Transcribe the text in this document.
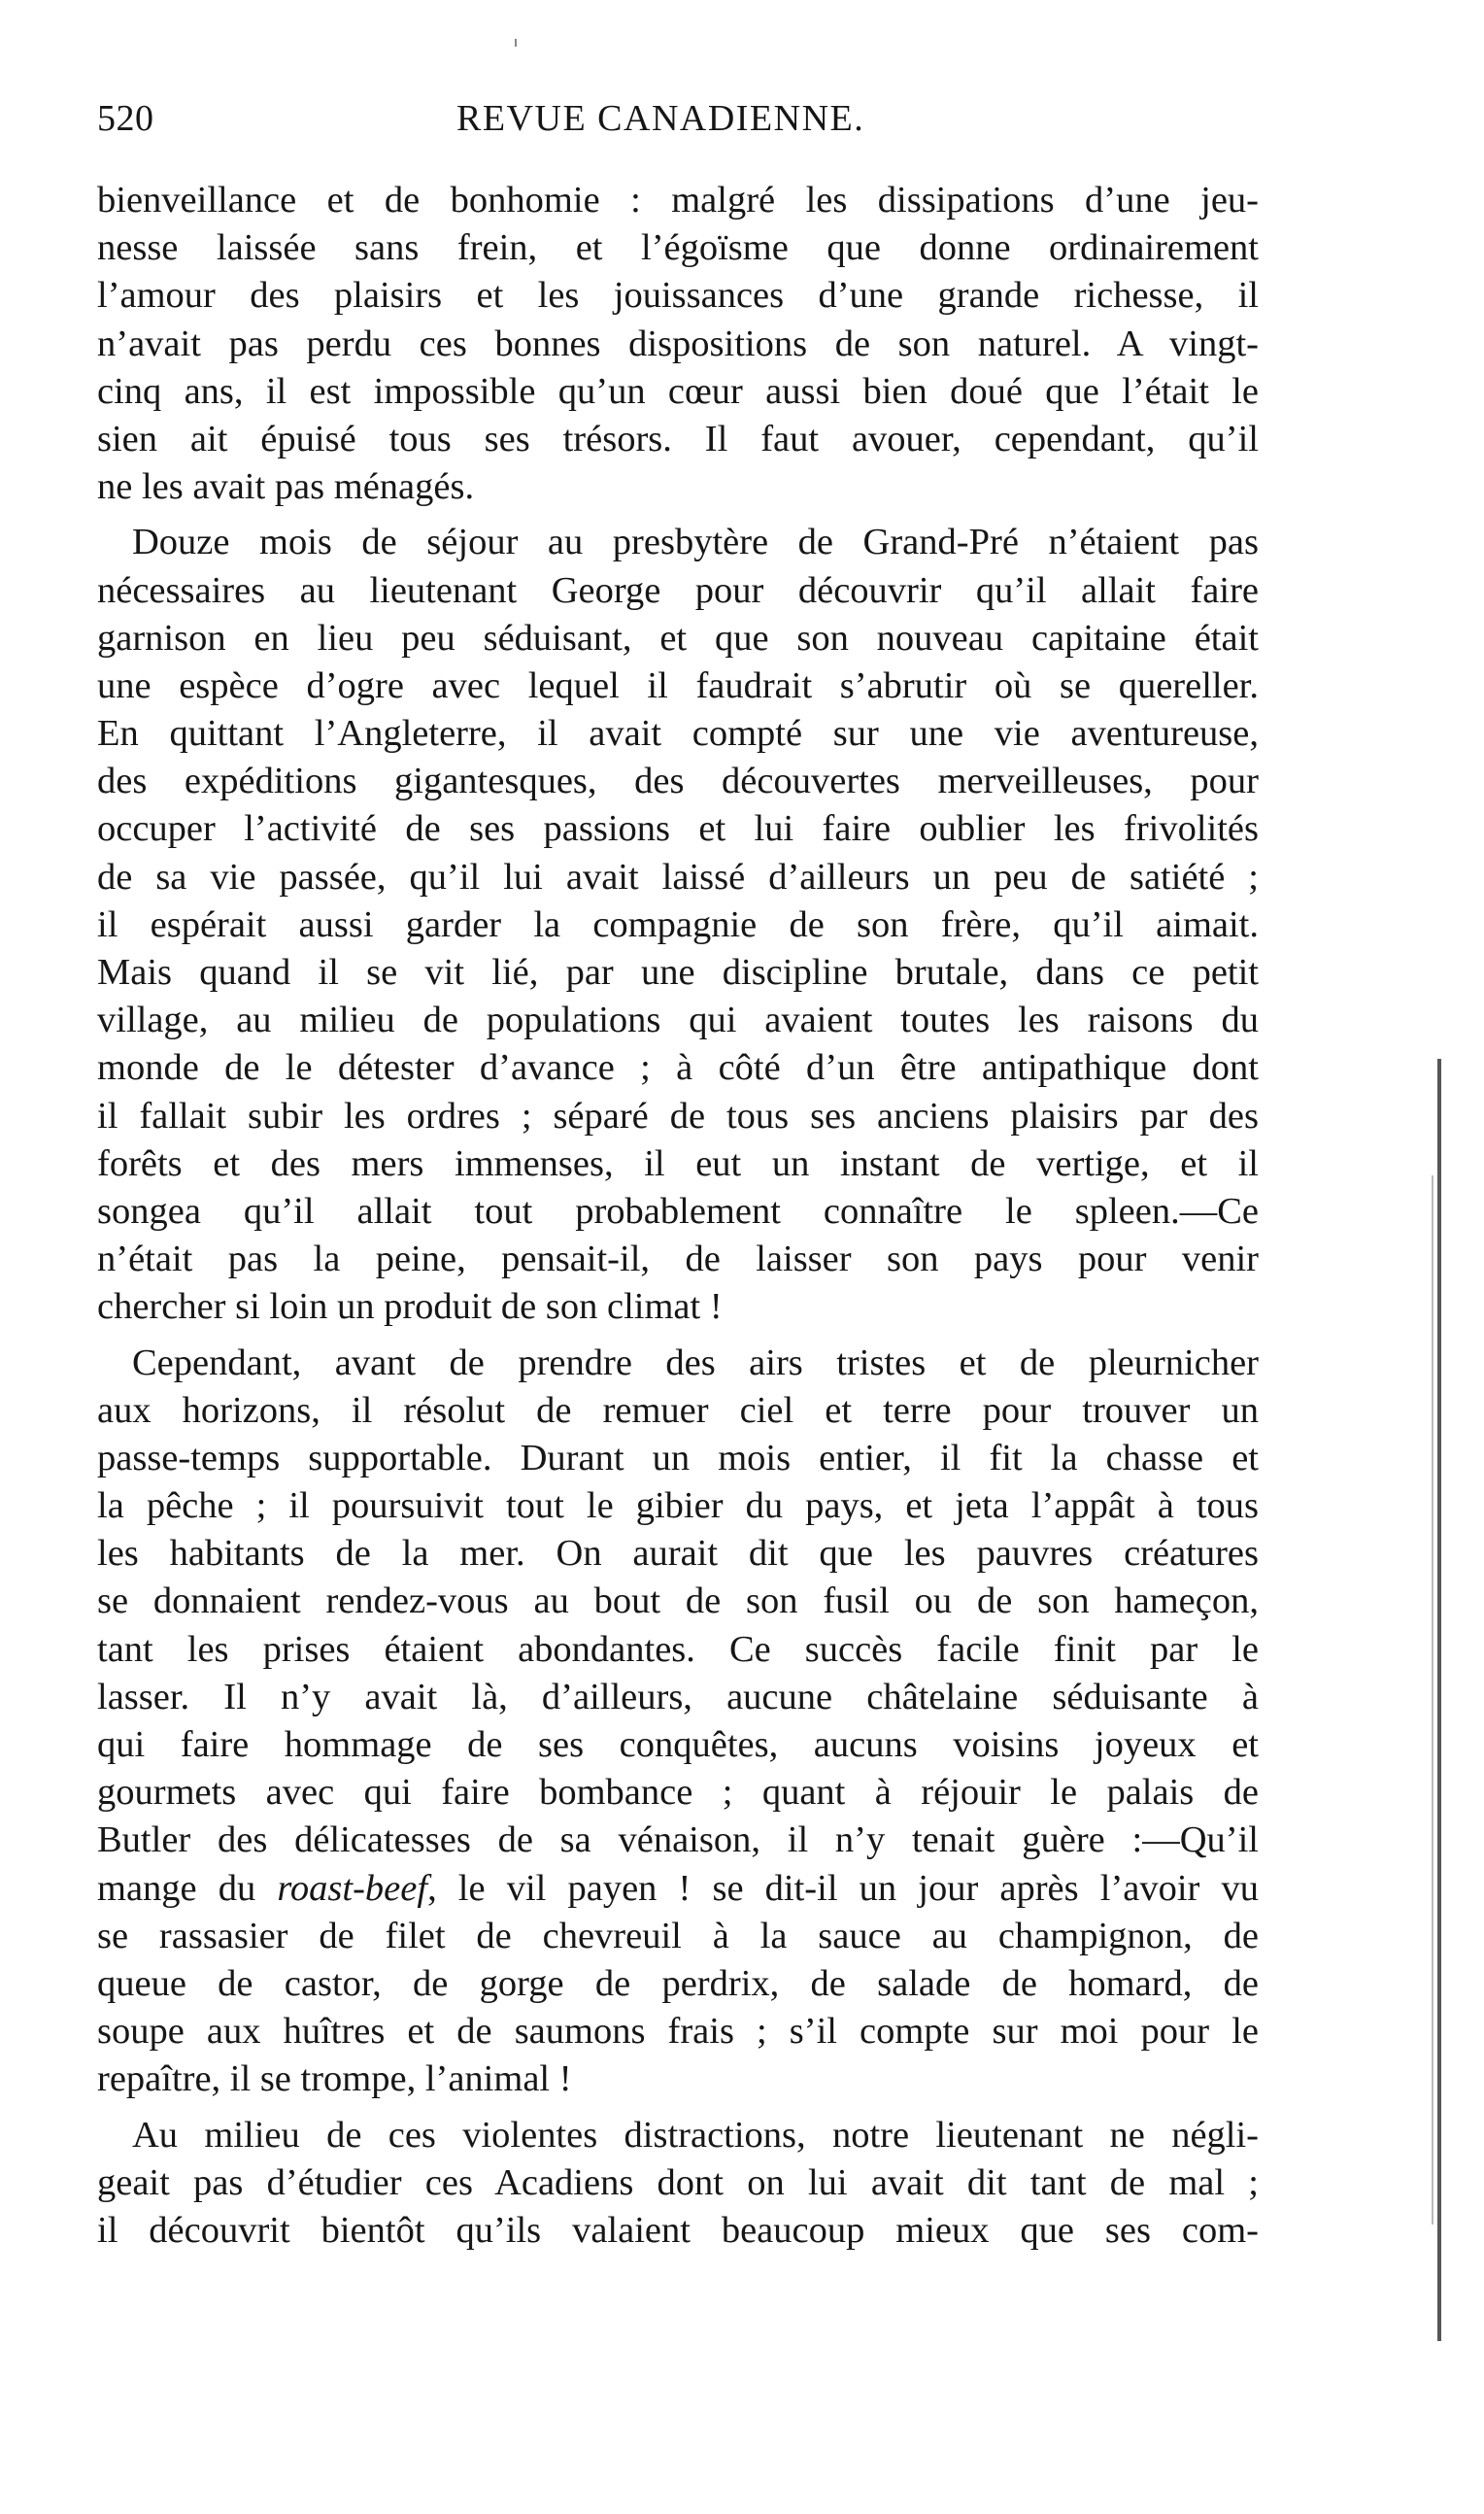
520	REVUE CANADIENNE.
bienveillance et de bonhomie : malgré les dissipations d’une jeu-
nesse laissée sans frein, et l’égoïsme que donne ordinairement
l’amour des plaisirs et les jouissances d’une grande richesse, il
n’avait pas perdu ces bonnes dispositions de son naturel. A vingt-
cinq ans, il est impossible qu’un cœur aussi bien doué que l’était le
sien ait épuisé tous ses trésors. Il faut avouer, cependant, qu’il
ne les avait pas ménagés.
Douze mois de séjour au presbytère de Grand-Pré n’étaient pas
nécessaires au lieutenant George pour découvrir qu’il allait faire
garnison en lieu peu séduisant, et que son nouveau capitaine était
une espèce d’ogre avec lequel il faudrait s’abrutir où se quereller.
En quittant l’Angleterre, il avait compté sur une vie aventureuse,
des expéditions gigantesques, des découvertes merveilleuses, pour
occuper l’activité de ses passions et lui faire oublier les frivolités
de sa vie passée, qu’il lui avait laissé d’ailleurs un peu de satiété ;
il espérait aussi garder la compagnie de son frère, qu’il aimait.
Mais quand il se vit lié, par une discipline brutale, dans ce petit
village, au milieu de populations qui avaient toutes les raisons du
monde de le détester d’avance ; à côté d’un être antipathique dont
il fallait subir les ordres ; séparé de tous ses anciens plaisirs par des
forêts et des mers immenses, il eut un instant de vertige, et il
songea qu’il allait tout probablement connaître le spleen.—Ce
n’était pas la peine, pensait-il, de laisser son pays pour venir
chercher si loin un produit de son climat !
Cependant, avant de prendre des airs tristes et de pleurnicher
aux horizons, il résolut de remuer ciel et terre pour trouver un
passe-temps supportable. Durant un mois entier, il fit la chasse et
la pêche ; il poursuivit tout le gibier du pays, et jeta l’appât à tous
les habitants de la mer. On aurait dit que les pauvres créatures
se donnaient rendez-vous au bout de son fusil ou de son hameçon,
tant les prises étaient abondantes. Ce succès facile finit par le
lasser. Il n’y avait là, d’ailleurs, aucune châtelaine séduisante à
qui faire hommage de ses conquêtes, aucuns voisins joyeux et
gourmets avec qui faire bombance ; quant à réjouir le palais de
Butler des délicatesses de sa vénaison, il n’y tenait guère :—Qu’il
mange du roast-beef, le vil payen ! se dit-il un jour après l’avoir vu
se rassasier de filet de chevreuil à la sauce au champignon, de
queue de castor, de gorge de perdrix, de salade de homard, de
soupe aux huîtres et de saumons frais ; s’il compte sur moi pour le
repaître, il se trompe, l’animal !
Au milieu de ces violentes distractions, notre lieutenant ne négli-
geait pas d’étudier ces Acadiens dont on lui avait dit tant de mal ;
il découvrit bientôt qu’ils valaient beaucoup mieux que ses com-
